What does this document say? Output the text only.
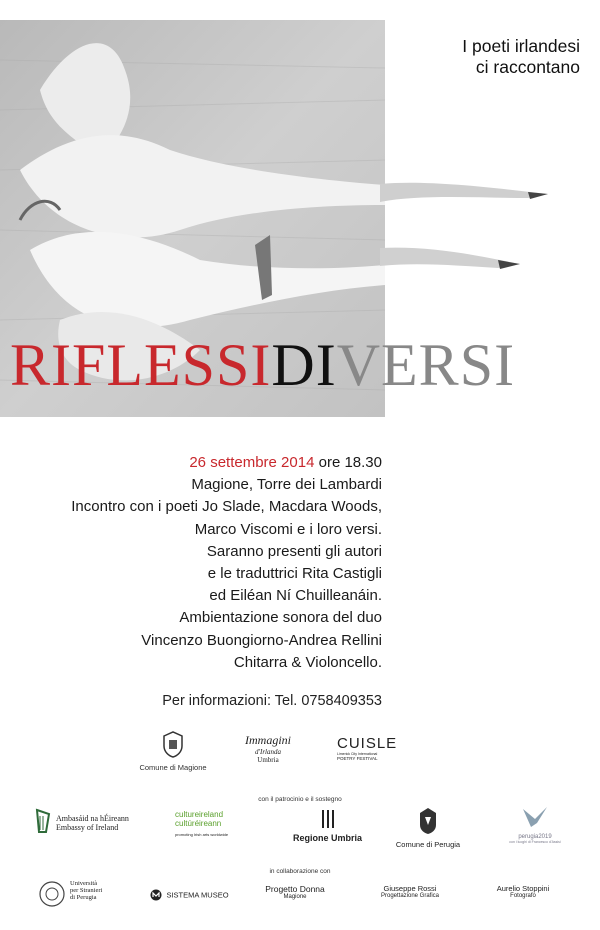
I poeti irlandesi
ci raccontano
RIFLESSIDIVERSI
26 settembre 2014 ore 18.30
Magione, Torre dei Lambardi
Incontro con i poeti Jo Slade, Macdara Woods,
Marco Viscomi e i loro versi.
Saranno presenti gli autori
e le traduttrici Rita Castigli
ed Eiléan Ní Chuilleanáin.
Ambientazione sonora del duo
Vincenzo Buongiorno-Andrea Rellini
Chitarra & Violoncello.
Per informazioni: Tel. 0758409353
Comune di Magione
Immagini
d'Irlanda
Umbria
CUISLE
Limerick City International
POETRY FESTIVAL
con il patrocinio e il sostegno
Ambasáid na hÉireann
Embassy of Ireland
cultureireland
cultúréireann
promoting Irish arts worldwide	Regione Umbria
Comune di Perugia
perugia2019
con i luoghi di Francesco d'Assisi
in collaborazione con
Università
per Stranieri
di Perugia	SISTEMA MUSEO
Progetto Donna
Magione
Giuseppe Rossi
Progettazione Grafica
Aurelio Stoppini
Fotografo
